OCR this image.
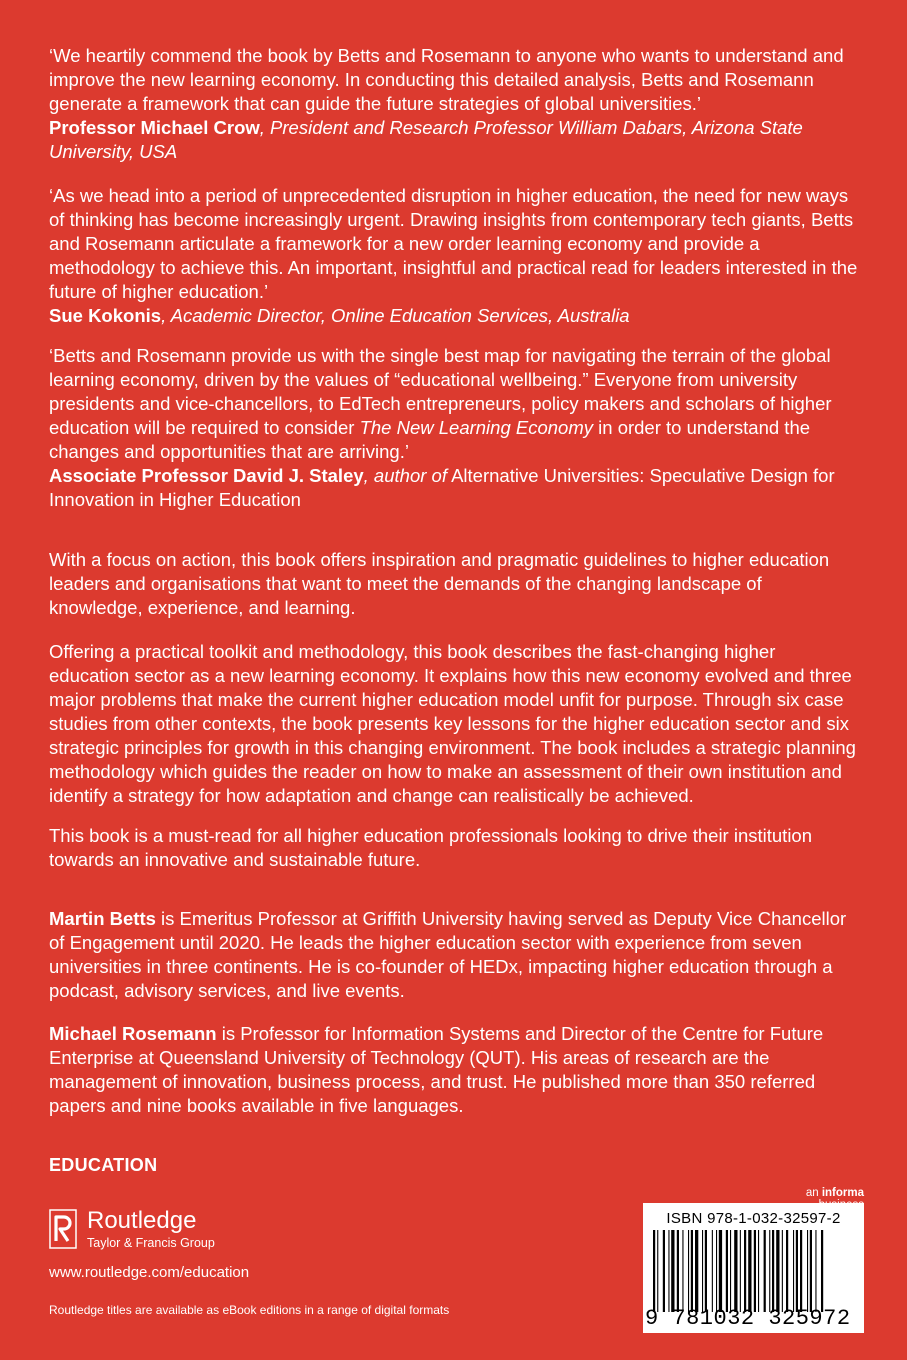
‘We heartily commend the book by Betts and Rosemann to anyone who wants to understand and improve the new learning economy. In conducting this detailed analysis, Betts and Rosemann generate a framework that can guide the future strategies of global universities.’

Professor Michael Crow, President and Research Professor William Dabars, Arizona State University, USA

‘As we head into a period of unprecedented disruption in higher education, the need for new ways of thinking has become increasingly urgent. Drawing insights from contemporary tech giants, Betts and Rosemann articulate a framework for a new order learning economy and provide a methodology to achieve this. An important, insightful and practical read for leaders interested in the future of higher education.’

Sue Kokonis, Academic Director, Online Education Services, Australia

‘Betts and Rosemann provide us with the single best map for navigating the terrain of the global learning economy, driven by the values of “educational wellbeing.” Everyone from university presidents and vice-chancellors, to EdTech entrepreneurs, policy makers and scholars of higher education will be required to consider The New Learning Economy in order to understand the changes and opportunities that are arriving.’

Associate Professor David J. Staley, author of Alternative Universities: Speculative Design for Innovation in Higher Education

With a focus on action, this book offers inspiration and pragmatic guidelines to higher education leaders and organisations that want to meet the demands of the changing landscape of knowledge, experience, and learning.

Offering a practical toolkit and methodology, this book describes the fast-changing higher education sector as a new learning economy. It explains how this new economy evolved and three major problems that make the current higher education model unfit for purpose. Through six case studies from other contexts, the book presents key lessons for the higher education sector and six strategic principles for growth in this changing environment. The book includes a strategic planning methodology which guides the reader on how to make an assessment of their own institution and identify a strategy for how adaptation and change can realistically be achieved.

This book is a must-read for all higher education professionals looking to drive their institution towards an innovative and sustainable future.

Martin Betts is Emeritus Professor at Griffith University having served as Deputy Vice Chancellor of Engagement until 2020. He leads the higher education sector with experience from seven universities in three continents. He is co-founder of HEDx, impacting higher education through a podcast, advisory services, and live events.

Michael Rosemann is Professor for Information Systems and Director of the Centre for Future Enterprise at Queensland University of Technology (QUT). His areas of research are the management of innovation, business process, and trust. He published more than 350 referred papers and nine books available in five languages.

EDUCATION
Routledge
Taylor & Francis Group
www.routledge.com/education
Routledge titles are available as eBook editions in a range of digital formats
an informa
ISBN 978-1-032-32597-2
9 781032 325972
